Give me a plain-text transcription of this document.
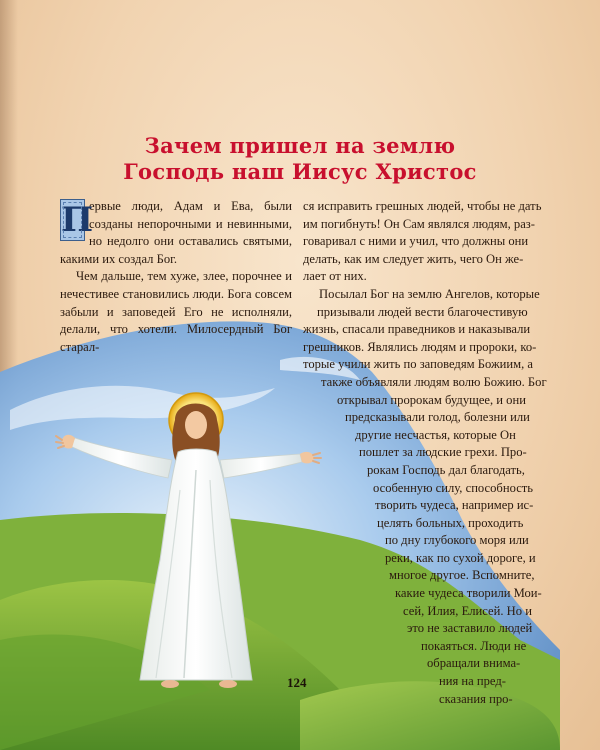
Зачем пришел на землю
Господь наш Иисус Христос

П
ервые люди, Адам и Ева, были созданы непорочными и невинными, но недолго они оставались святыми, какими их создал Бог.

Чем дальше, тем хуже, злее, порочнее и нечестивее становились люди. Бога совсем забыли и заповедей Его не исполняли, делали, что хотели. Милосердный Бог старал-

ся исправить грешных людей, чтобы не дать
им погибнуть! Он Сам являлся людям, раз-
говаривал с ними и учил, что должны они
делать, как им следует жить, чего Он же-
лает от них.
Посылал Бог на землю Ангелов, которые
призывали людей вести благочестивую
жизнь, спасали праведников и наказывали
грешников. Являлись людям и пророки, ко-
торые учили жить по заповедям Божиим, а
также объявляли людям волю Божию. Бог
открывал пророкам будущее, и они
предсказывали голод, болезни или
другие несчастья, которые Он
пошлет за людские грехи. Про-
рокам Господь дал благодать,
особенную силу, способность
творить чудеса, например ис-
целять больных, проходить
по дну глубокого моря или
реки, как по сухой дороге, и
многое другое. Вспомните,
какие чудеса творили Мои-
сей, Илия, Елисей. Но и
это не заставило людей
покаяться. Люди не
обращали внима-
ния на пред-
сказания про-
124
